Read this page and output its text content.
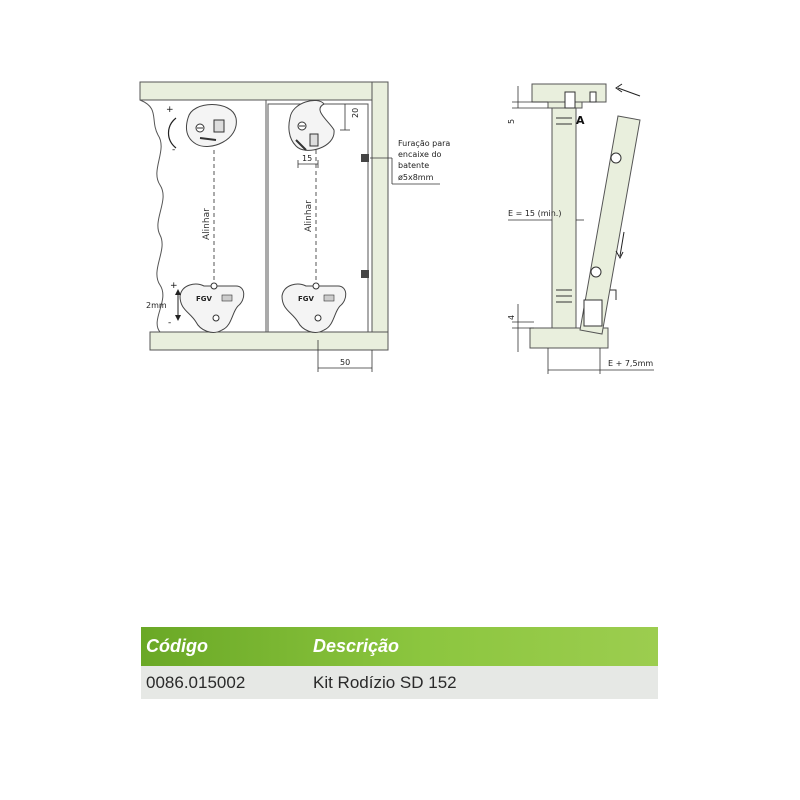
+
-
Alinhar	Alinhar
20
15
Furação para
encaixe do
batente
ø5x8mm
FGV	FGV
+
-
2mm
50
A
5
E = 15 (min.)
4
E + 7,5mm
Código	Descrição
0086.015002	Kit Rodízio SD 152
